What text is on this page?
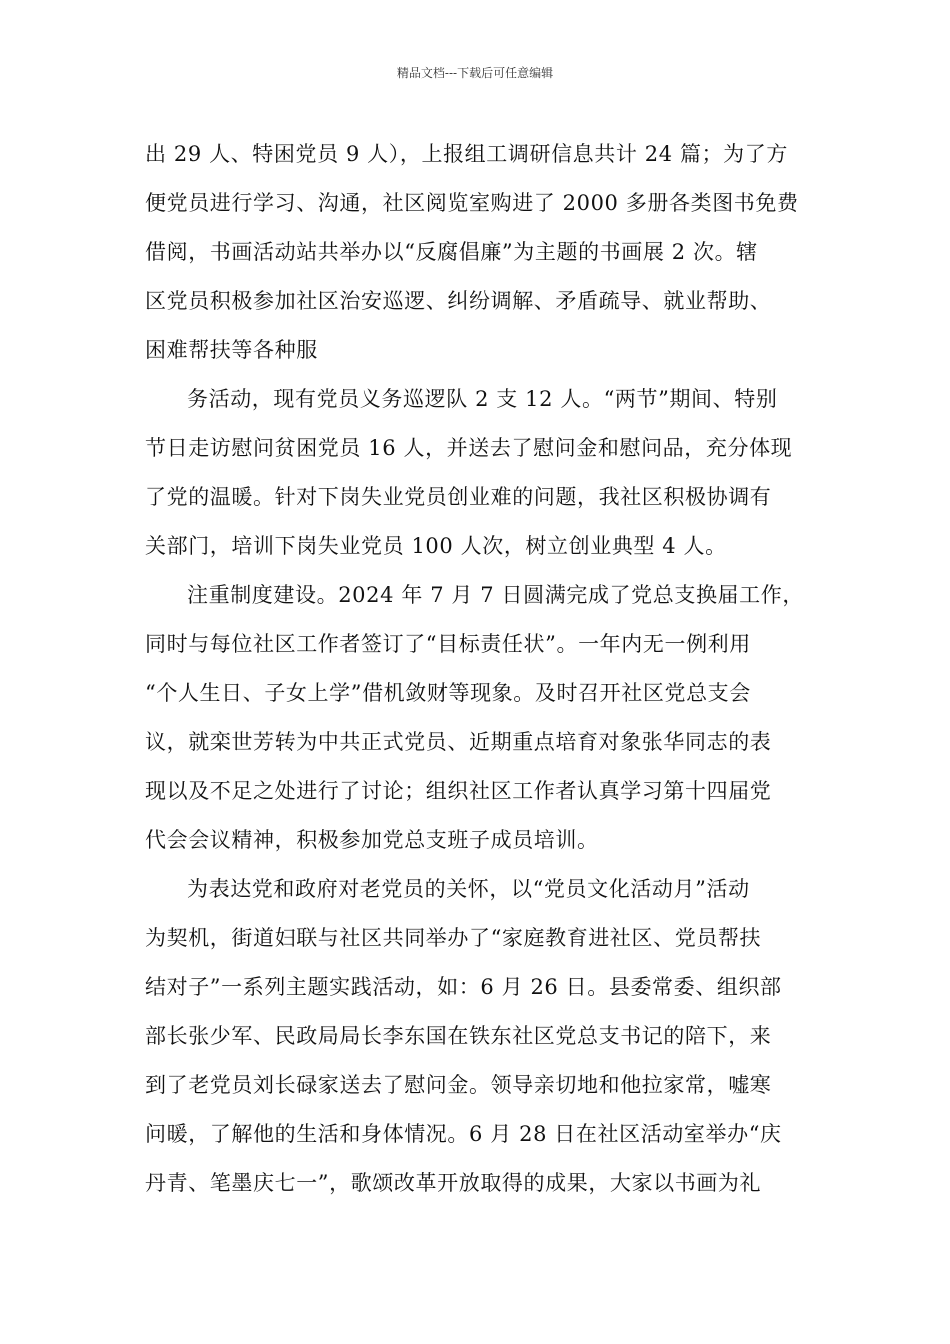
精品文档---下载后可任意编辑
出 29 人、特困党员 9 人），上报组工调研信息共计 24 篇；为了方
便党员进行学习、沟通，社区阅览室购进了 2000 多册各类图书免费
借阅，书画活动站共举办以“反腐倡廉”为主题的书画展 2 次。辖
区党员积极参加社区治安巡逻、纠纷调解、矛盾疏导、就业帮助、
困难帮扶等各种服
务活动，现有党员义务巡逻队 2 支 12 人。“两节”期间、特别
节日走访慰问贫困党员 16 人，并送去了慰问金和慰问品，充分体现
了党的温暖。针对下岗失业党员创业难的问题，我社区积极协调有
关部门，培训下岗失业党员 100 人次，树立创业典型 4 人。
注重制度建设。2024 年 7 月 7 日圆满完成了党总支换届工作，
同时与每位社区工作者签订了“目标责任状”。一年内无一例利用
“个人生日、子女上学”借机敛财等现象。及时召开社区党总支会
议，就栾世芳转为中共正式党员、近期重点培育对象张华同志的表
现以及不足之处进行了讨论；组织社区工作者认真学习第十四届党
代会会议精神，积极参加党总支班子成员培训。
为表达党和政府对老党员的关怀，以“党员文化活动月”活动
为契机，街道妇联与社区共同举办了“家庭教育进社区、党员帮扶
结对子”一系列主题实践活动，如：6 月 26 日。县委常委、组织部
部长张少军、民政局局长李东国在铁东社区党总支书记的陪下，来
到了老党员刘长碌家送去了慰问金。领导亲切地和他拉家常，嘘寒
问暖，了解他的生活和身体情况。6 月 28 日在社区活动室举办“庆
丹青、笔墨庆七一”，歌颂改革开放取得的成果，大家以书画为礼
